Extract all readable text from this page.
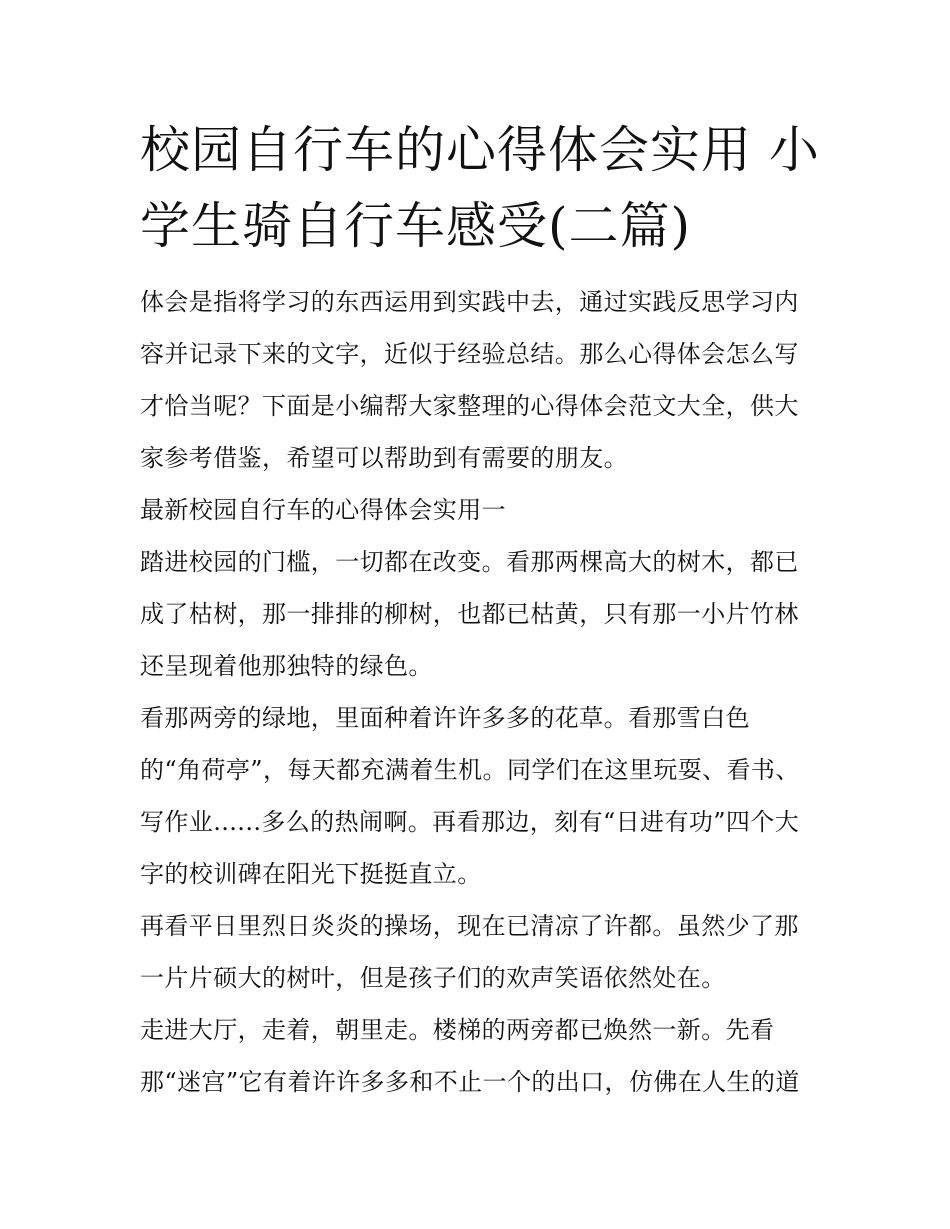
校园自行车的心得体会实用 小
学生骑自行车感受(二篇)
体会是指将学习的东西运用到实践中去，通过实践反思学习内
容并记录下来的文字，近似于经验总结。那么心得体会怎么写
才恰当呢？下面是小编帮大家整理的心得体会范文大全，供大
家参考借鉴，希望可以帮助到有需要的朋友。
最新校园自行车的心得体会实用一
踏进校园的门槛，一切都在改变。看那两棵高大的树木，都已
成了枯树，那一排排的柳树，也都已枯黄，只有那一小片竹林
还呈现着他那独特的绿色。
看那两旁的绿地，里面种着许许多多的花草。看那雪白色
的“角荷亭”，每天都充满着生机。同学们在这里玩耍、看书、
写作业......多么的热闹啊。再看那边，刻有“日进有功”四个大
字的校训碑在阳光下挺挺直立。
再看平日里烈日炎炎的操场，现在已清凉了许都。虽然少了那
一片片硕大的树叶，但是孩子们的欢声笑语依然处在。
走进大厅，走着，朝里走。楼梯的两旁都已焕然一新。先看
那“迷宫”它有着许许多多和不止一个的出口，仿佛在人生的道
